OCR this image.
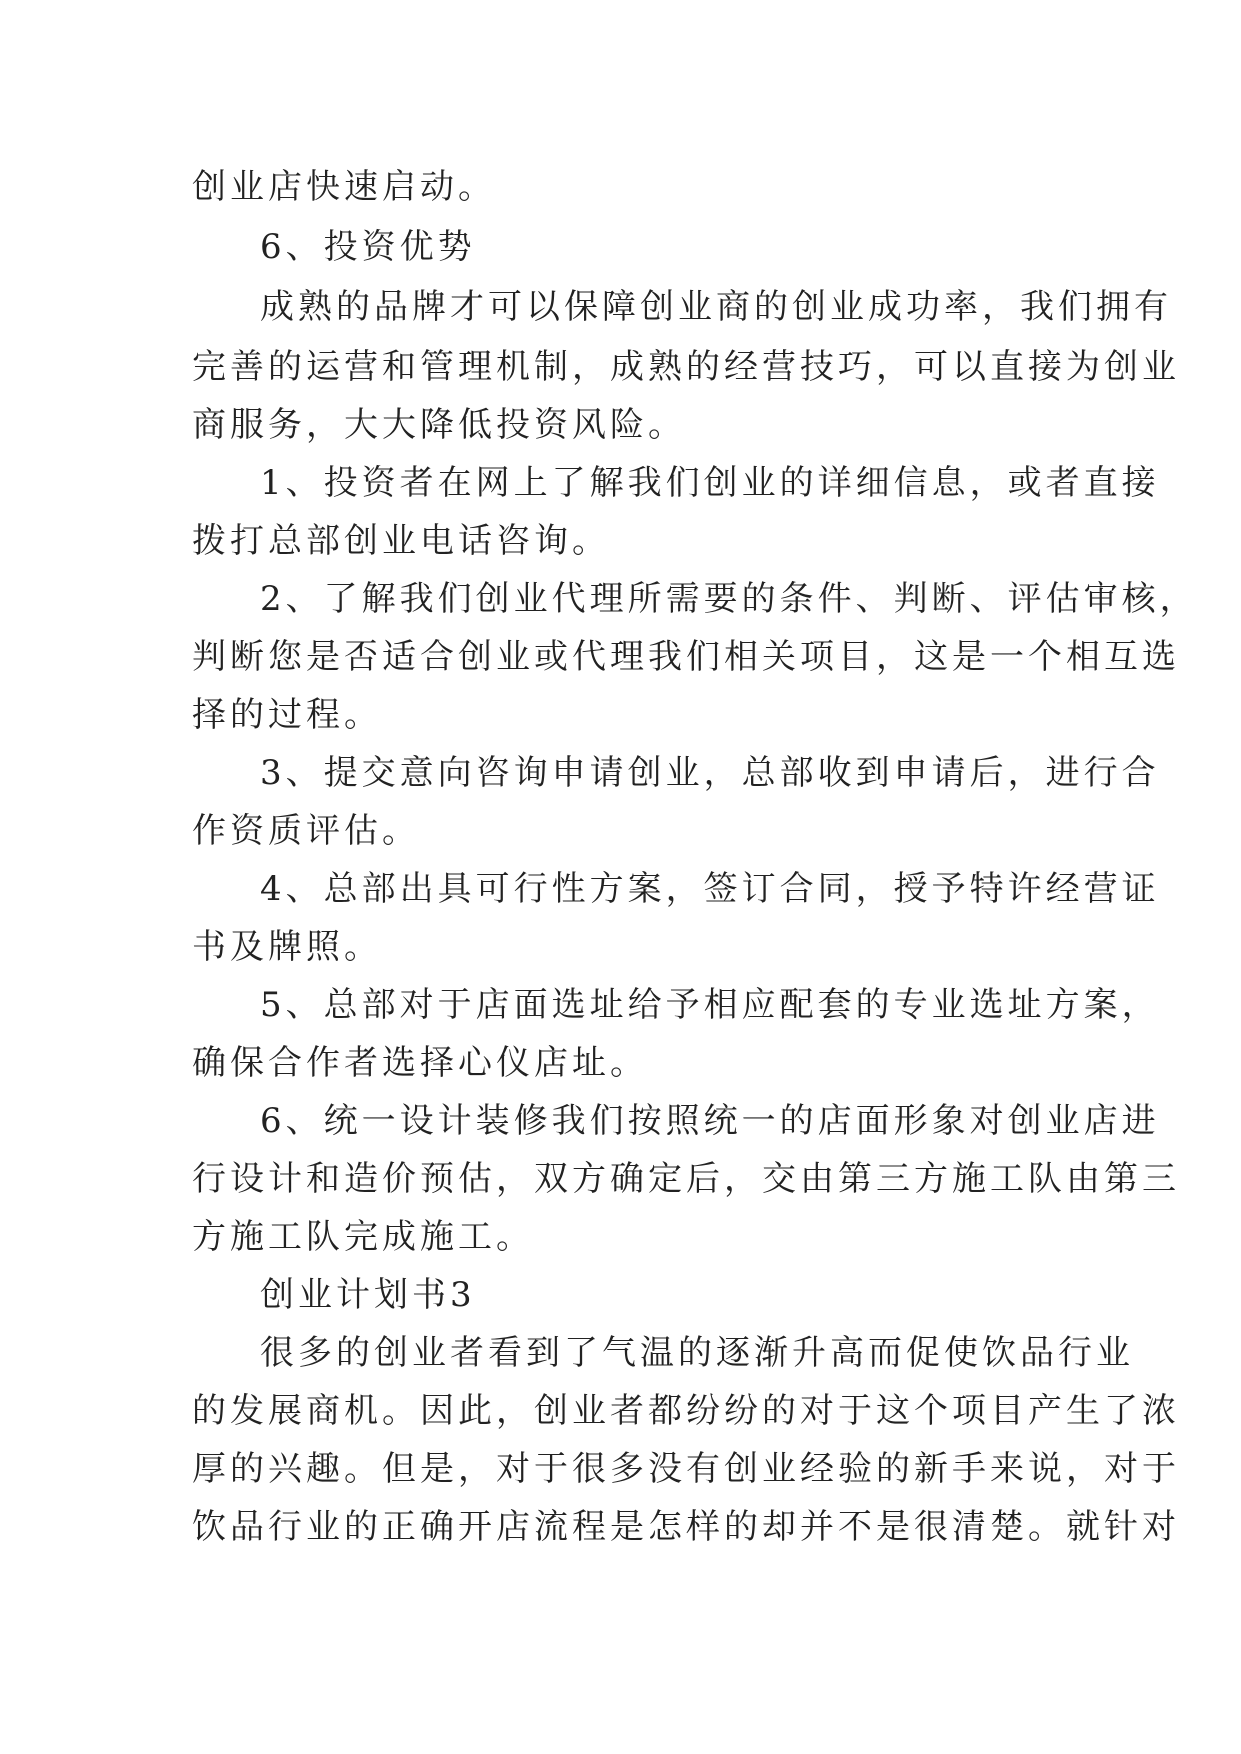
创业店快速启动。
6、投资优势
成熟的品牌才可以保障创业商的创业成功率，我们拥有
完善的运营和管理机制，成熟的经营技巧，可以直接为创业
商服务，大大降低投资风险。
1、投资者在网上了解我们创业的详细信息，或者直接
拨打总部创业电话咨询。
2、了解我们创业代理所需要的条件、判断、评估审核，
判断您是否适合创业或代理我们相关项目，这是一个相互选
择的过程。
3、提交意向咨询申请创业，总部收到申请后，进行合
作资质评估。
4、总部出具可行性方案，签订合同，授予特许经营证
书及牌照。
5、总部对于店面选址给予相应配套的专业选址方案，
确保合作者选择心仪店址。
6、统一设计装修我们按照统一的店面形象对创业店进
行设计和造价预估，双方确定后，交由第三方施工队由第三
方施工队完成施工。
创业计划书3
很多的创业者看到了气温的逐渐升高而促使饮品行业
的发展商机。因此，创业者都纷纷的对于这个项目产生了浓
厚的兴趣。但是，对于很多没有创业经验的新手来说，对于
饮品行业的正确开店流程是怎样的却并不是很清楚。就针对
